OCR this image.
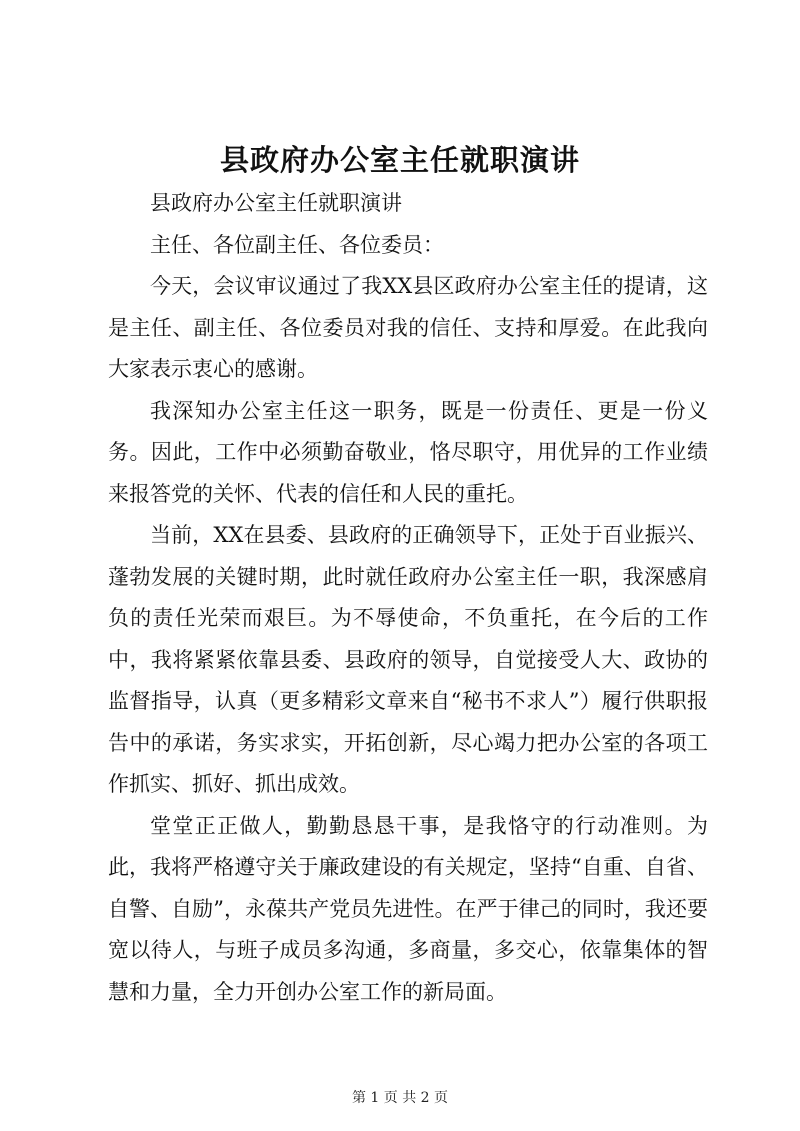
县政府办公室主任就职演讲

县政府办公室主任就职演讲

主任、各位副主任、各位委员：

今天，会议审议通过了我XX县区政府办公室主任的提请，这是主任、副主任、各位委员对我的信任、支持和厚爱。在此我向大家表示衷心的感谢。

我深知办公室主任这一职务，既是一份责任、更是一份义务。因此，工作中必须勤奋敬业，恪尽职守，用优异的工作业绩来报答党的关怀、代表的信任和人民的重托。

当前，XX在县委、县政府的正确领导下，正处于百业振兴、蓬勃发展的关键时期，此时就任政府办公室主任一职，我深感肩负的责任光荣而艰巨。为不辱使命，不负重托，在今后的工作中，我将紧紧依靠县委、县政府的领导，自觉接受人大、政协的监督指导，认真（更多精彩文章来自“秘书不求人”）履行供职报告中的承诺，务实求实，开拓创新，尽心竭力把办公室的各项工作抓实、抓好、抓出成效。

堂堂正正做人，勤勤恳恳干事，是我恪守的行动准则。为此，我将严格遵守关于廉政建设的有关规定，坚持“自重、自省、自警、自励”，永葆共产党员先进性。在严于律己的同时，我还要宽以待人，与班子成员多沟通，多商量，多交心，依靠集体的智慧和力量，全力开创办公室工作的新局面。

第 1 页 共 2 页
